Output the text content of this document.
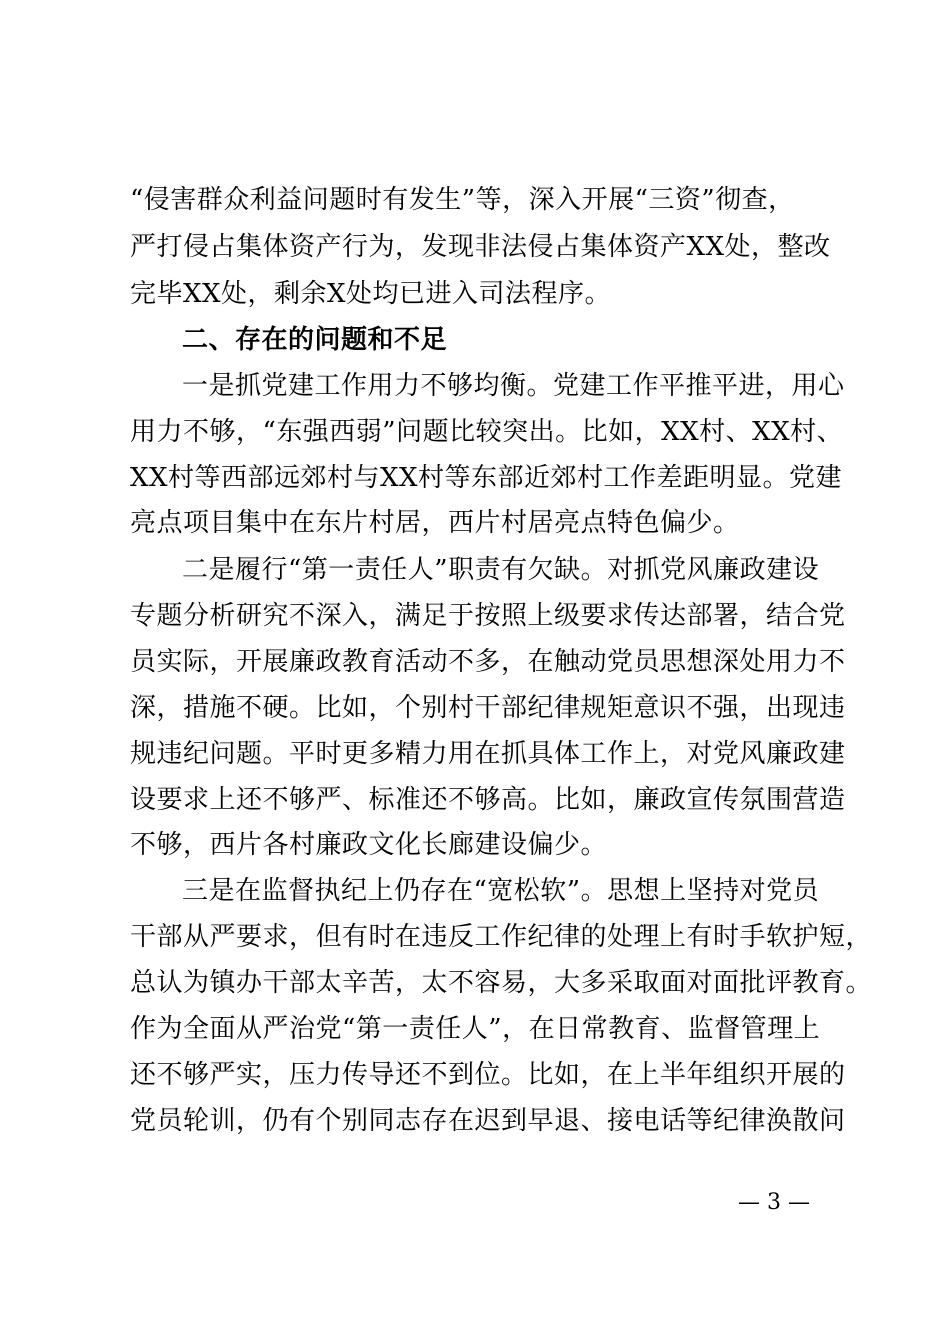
“侵害群众利益问题时有发生”等，深入开展“三资”彻查，
严打侵占集体资产行为，发现非法侵占集体资产XX处，整改
完毕XX处，剩余X处均已进入司法程序。
二、存在的问题和不足
一是抓党建工作用力不够均衡。党建工作平推平进，用心
用力不够，“东强西弱”问题比较突出。比如，XX村、XX村、
XX村等西部远郊村与XX村等东部近郊村工作差距明显。党建
亮点项目集中在东片村居，西片村居亮点特色偏少。
二是履行“第一责任人”职责有欠缺。对抓党风廉政建设
专题分析研究不深入，满足于按照上级要求传达部署，结合党
员实际，开展廉政教育活动不多，在触动党员思想深处用力不
深，措施不硬。比如，个别村干部纪律规矩意识不强，出现违
规违纪问题。平时更多精力用在抓具体工作上，对党风廉政建
设要求上还不够严、标准还不够高。比如，廉政宣传氛围营造
不够，西片各村廉政文化长廊建设偏少。
三是在监督执纪上仍存在“宽松软”。思想上坚持对党员
干部从严要求，但有时在违反工作纪律的处理上有时手软护短，
总认为镇办干部太辛苦，太不容易，大多采取面对面批评教育。
作为全面从严治党“第一责任人”，在日常教育、监督管理上
还不够严实，压力传导还不到位。比如，在上半年组织开展的
党员轮训，仍有个别同志存在迟到早退、接电话等纪律涣散问
— 3 —
